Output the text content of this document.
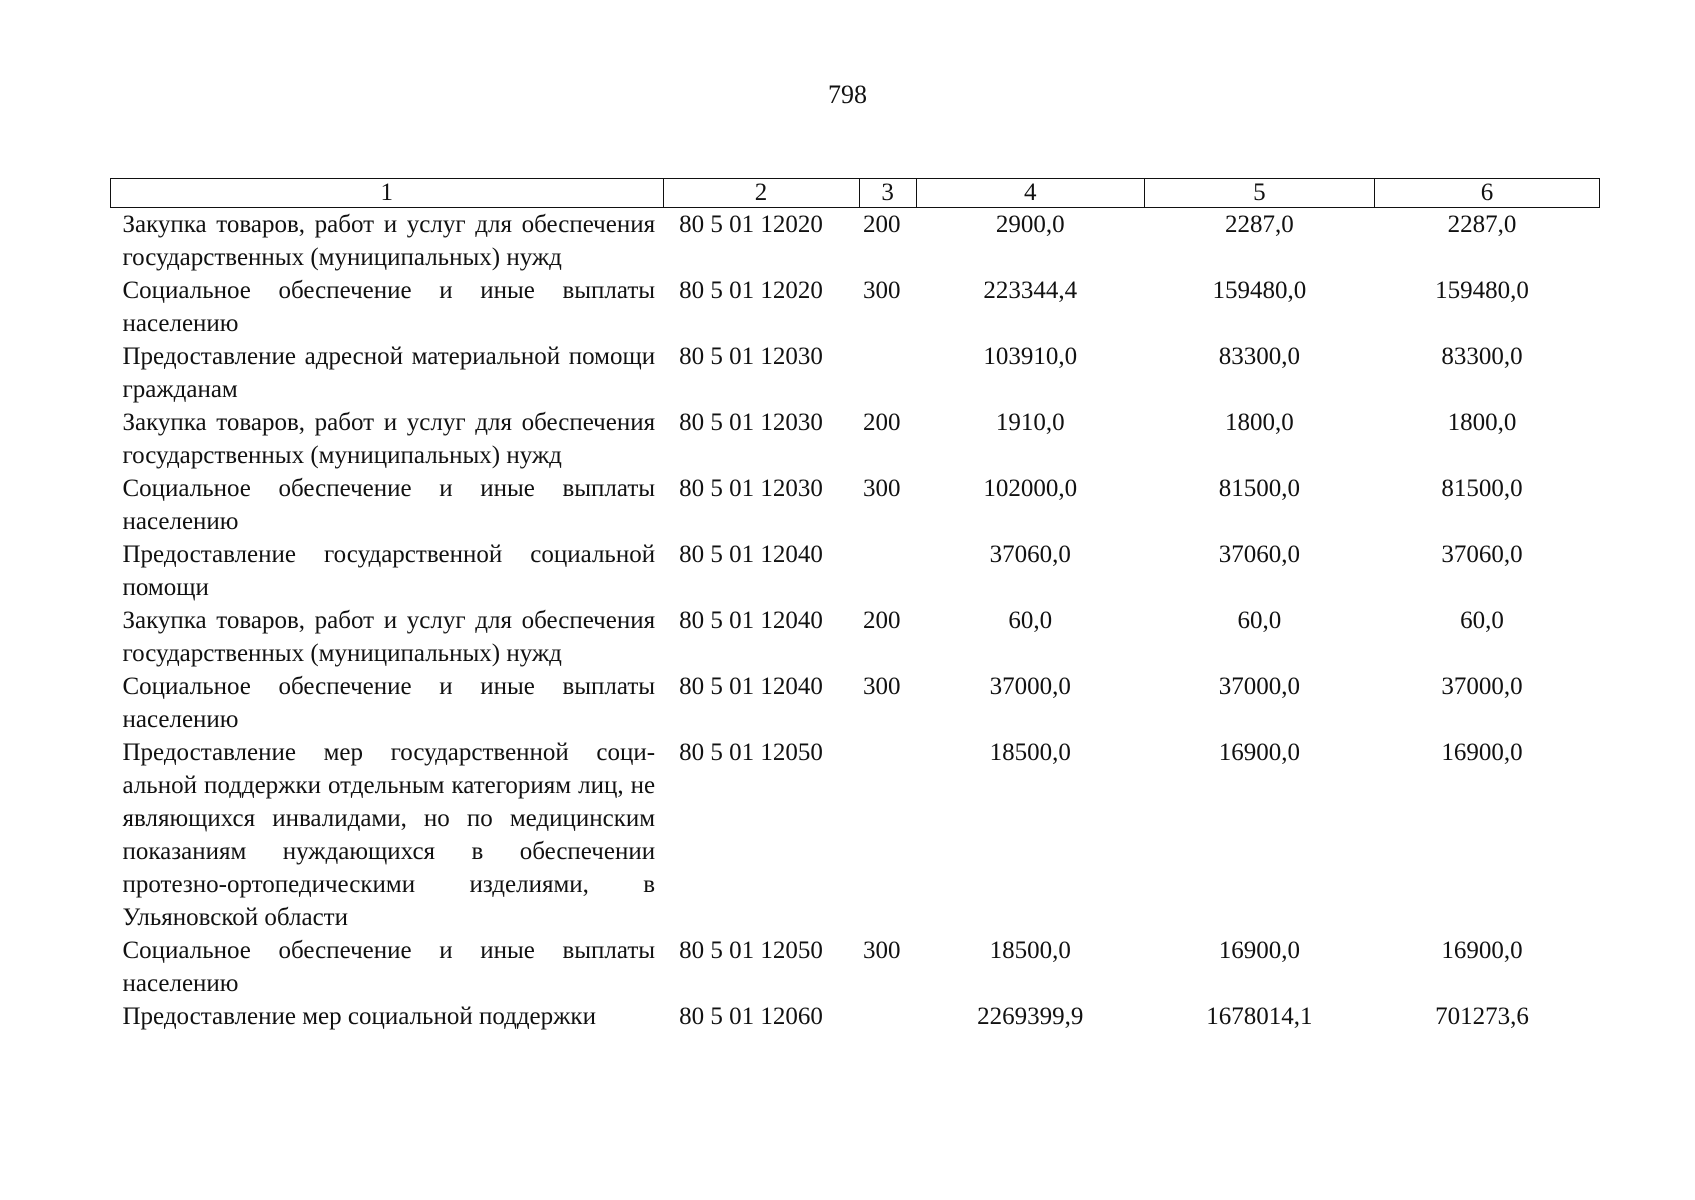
798
1	2	3	4	5	6
Закупка товаров, работ и услуг для обеспечения государственных (муниципальных) нужд	80 5 01 12020	200	2900,0	2287,0	2287,0
Социальное обеспечение и иные выплаты населению	80 5 01 12020	300	223344,4	159480,0	159480,0
Предоставление адресной материальной помощи гражданам	80 5 01 12030		103910,0	83300,0	83300,0
Закупка товаров, работ и услуг для обеспечения государственных (муниципальных) нужд	80 5 01 12030	200	1910,0	1800,0	1800,0
Социальное обеспечение и иные выплаты населению	80 5 01 12030	300	102000,0	81500,0	81500,0
Предоставление государственной социальной помощи	80 5 01 12040		37060,0	37060,0	37060,0
Закупка товаров, работ и услуг для обеспечения государственных (муниципальных) нужд	80 5 01 12040	200	60,0	60,0	60,0
Социальное обеспечение и иные выплаты населению	80 5 01 12040	300	37000,0	37000,0	37000,0
Предоставление мер государственной социальной поддержки отдельным категориям лиц, не являющихся инвалидами, но по медицинским показаниям нуждающихся в обеспечении протезно-ортопедическими изделиями, в Ульяновской области	80 5 01 12050		18500,0	16900,0	16900,0
Социальное обеспечение и иные выплаты населению	80 5 01 12050	300	18500,0	16900,0	16900,0
Предоставление мер социальной поддержки	80 5 01 12060		2269399,9	1678014,1	701273,6
